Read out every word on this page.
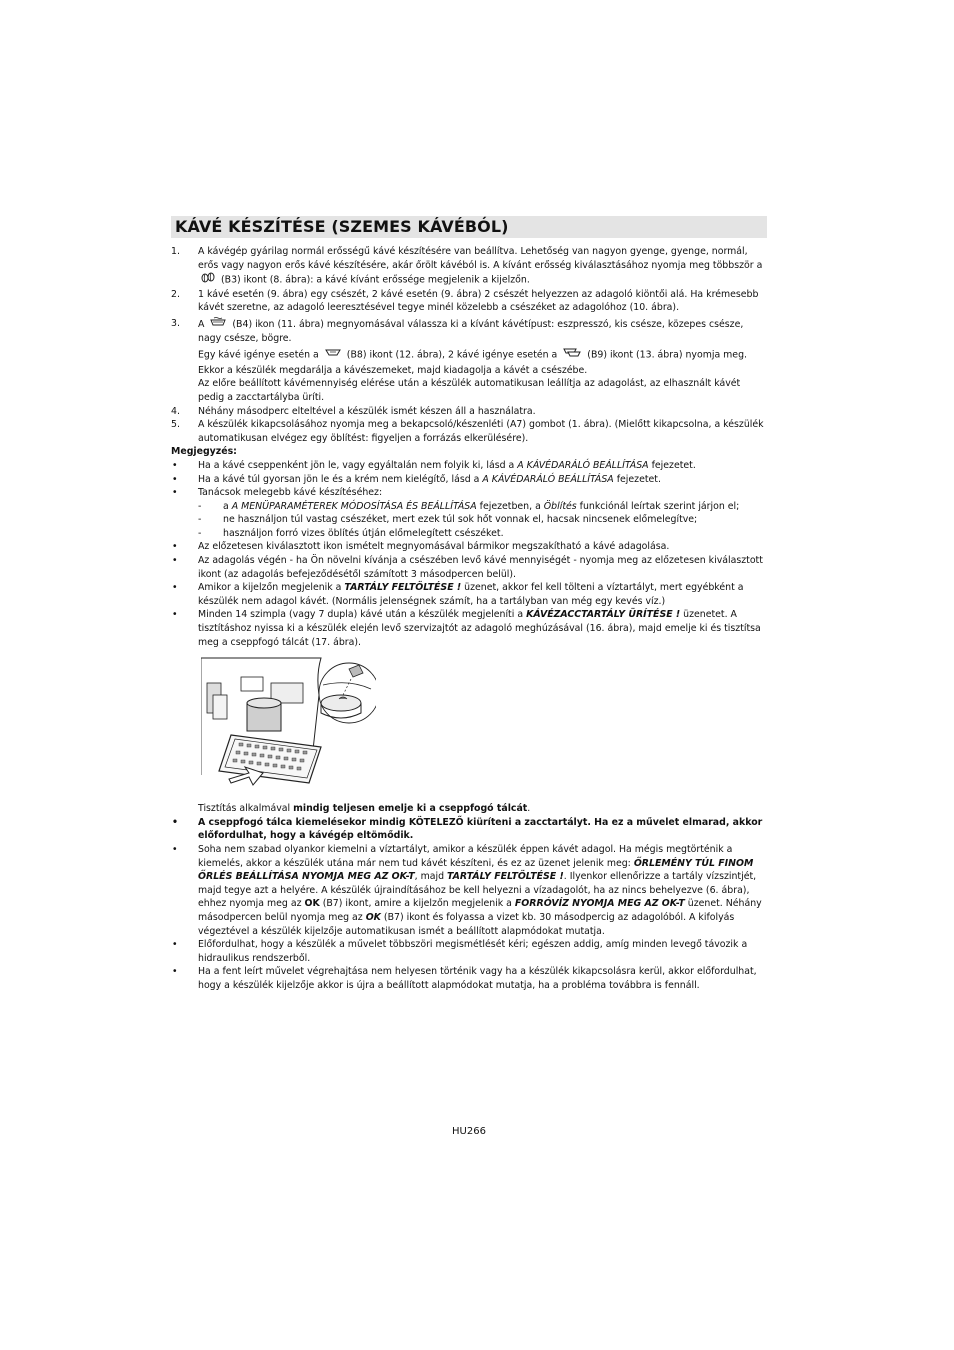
KÁVÉ KÉSZÍTÉSE (SZEMES KÁVÉBÓL)
1. A kávégép gyárilag normál erősségű kávé készítésére van beállítva. Lehetőség van nagyon gyenge, gyenge, normál, erős vagy nagyon erős kávé készítésére, akár őrölt kávéból is. A kívánt erősség kiválasztásához nyomja meg többször a  (B3) ikont (8. ábra): a kávé kívánt erőssége megjelenik a kijelzőn.
2. 1 kávé esetén (9. ábra) egy csészét, 2 kávé esetén (9. ábra) 2 csészét helyezzen az adagoló kiöntői alá. Ha krémesebb kávét szeretne, az adagoló leeresztésével tegye minél közelebb a csészéket az adagolóhoz (10. ábra).
3. A	(B4) ikon (11. ábra) megnyomásával válassza ki a kívánt kávétípust: eszpresszó, kis csésze, közepes csésze, nagy csésze, bögre.
Egy kávé igénye esetén a	(B8) ikont (12. ábra), 2 kávé igénye esetén a	(B9) ikont (13. ábra) nyomja meg.
Ekkor a készülék megdarálja a kávészemeket, majd kiadagolja a kávét a csészébe.
Az előre beállított kávémennyiség elérése után a készülék automatikusan leállítja az adagolást, az elhasznált kávét pedig a zacctartályba üríti.
4. Néhány másodperc elteltével a készülék ismét készen áll a használatra.
5. A készülék kikapcsolásához nyomja meg a bekapcsoló/készenléti (A7) gombot (1. ábra). (Mielőtt kikapcsolna, a készülék automatikusan elvégez egy öblítést: figyeljen a forrázás elkerülésére).
Megjegyzés:
• Ha a kávé cseppenként jön le, vagy egyáltalán nem folyik ki, lásd a A KÁVÉDARÁLÓ BEÁLLÍTÁSA fejezetet.
• Ha a kávé túl gyorsan jön le és a krém nem kielégítő, lásd a A KÁVÉDARÁLÓ BEÁLLÍTÁSA fejezetet.
• Tanácsok melegebb kávé készítéséhez:
- a A MENÜPARAMÉTEREK MÓDOSÍTÁSA ÉS BEÁLLÍTÁSA fejezetben, a Öblítés funkciónál leírtak szerint járjon el;
- ne használjon túl vastag csészéket, mert ezek túl sok hőt vonnak el, hacsak nincsenek előmelegítve;
- használjon forró vizes öblítés útján előmelegített csészéket.
• Az előzetesen kiválasztott ikon ismételt megnyomásával bármikor megszakítható a kávé adagolása.
• Az adagolás végén - ha Ön növelni kívánja a csészében levő kávé mennyiségét - nyomja meg az előzetesen kiválasztott ikont (az adagolás befejeződésétől számított 3 másodpercen belül).
• Amikor a kijelzőn megjelenik a TARTÁLY FELTÖLTÉSE ! üzenet, akkor fel kell tölteni a víztartályt, mert egyébként a készülék nem adagol kávét. (Normális jelenségnek számít, ha a tartályban van még egy kevés víz.)
• Minden 14 szimpla (vagy 7 dupla) kávé után a készülék megjeleníti a KÁVÉZACCTARTÁLY ÜRÍTÉSE ! üzenetet. A tisztításhoz nyissa ki a készülék elején levő szervizajtót az adagoló meghúzásával (16. ábra), majd emelje ki és tisztítsa meg a cseppfogó tálcát (17. ábra).
Tisztítás alkalmával mindig teljesen emelje ki a cseppfogó tálcát.
• A cseppfogó tálca kiemelésekor mindig KÖTELEZŐ kiüríteni a zacctartályt. Ha ez a művelet elmarad, akkor előfordulhat, hogy a kávégép eltömődik.
• Soha nem szabad olyankor kiemelni a víztartályt, amikor a készülék éppen kávét adagol. Ha mégis megtörténik a kiemelés, akkor a készülék utána már nem tud kávét készíteni, és ez az üzenet jelenik meg: ŐRLEMÉNY TÚL FINOM ŐRLÉS BEÁLLÍTÁSA NYOMJA MEG AZ OK-T, majd TARTÁLY FELTÖLTÉSE !. Ilyenkor ellenőrizze a tartály vízszintjét, majd tegye azt a helyére. A készülék újraindításához be kell helyezni a vízadagolót, ha az nincs behelyezve (6. ábra), ehhez nyomja meg az OK (B7) ikont, amire a kijelzőn megjelenik a FORRÓVÍZ NYOMJA MEG AZ OK-T üzenet. Néhány másodpercen belül nyomja meg az OK (B7) ikont és folyassa a vizet kb. 30 másodpercig az adagolóból. A kifolyás végeztével a készülék kijelzője automatikusan ismét a beállított alapmódokat mutatja.
• Előfordulhat, hogy a készülék a művelet többszöri megismétlését kéri; egészen addig, amíg minden levegő távozik a hidraulikus rendszerből.
• Ha a fent leírt művelet végrehajtása nem helyesen történik vagy ha a készülék kikapcsolásra kerül, akkor előfordulhat, hogy a készülék kijelzője akkor is újra a beállított alapmódokat mutatja, ha a probléma továbbra is fennáll.
HU266
